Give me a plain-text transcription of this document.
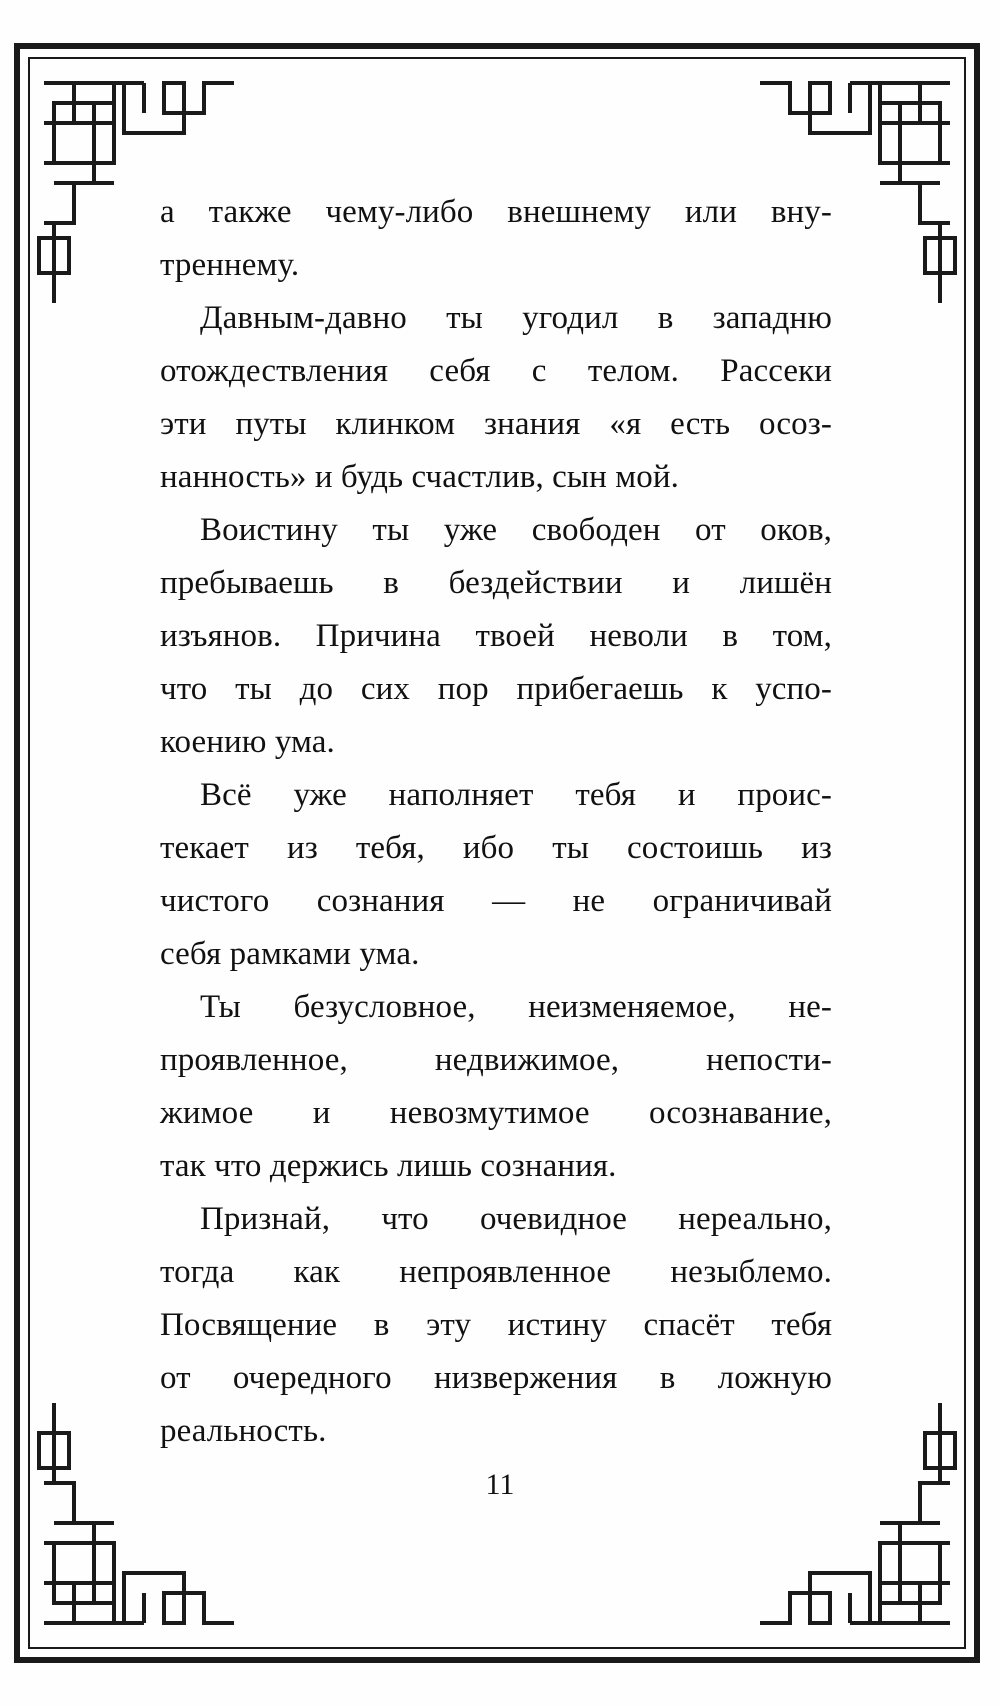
а также чему-либо внешнему или вну-
треннему.
Давным-давно ты угодил в западню
отождествления себя с телом. Рассеки
эти путы клинком знания «я есть осоз-
нанность» и будь счастлив, сын мой.
Воистину ты уже свободен от оков,
пребываешь в бездействии и лишён
изъянов. Причина твоей неволи в том,
что ты до сих пор прибегаешь к успо-
коению ума.
Всё уже наполняет тебя и проис-
текает из тебя, ибо ты состоишь из
чистого сознания — не ограничивай
себя рамками ума.
Ты безусловное, неизменяемое, не-
проявленное, недвижимое, непости-
жимое и невозмутимое осознавание,
так что держись лишь сознания.
Признай, что очевидное нереально,
тогда как непроявленное незыблемо.
Посвящение в эту истину спасёт тебя
от очередного низвержения в ложную
реальность.
11
